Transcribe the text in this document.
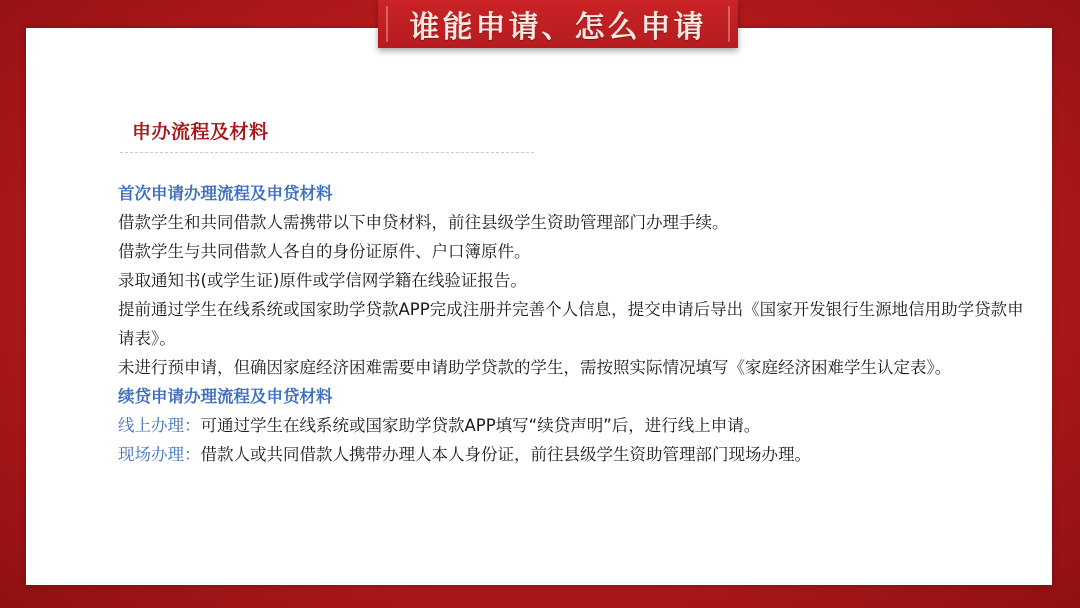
申办流程及材料

首次申请办理流程及申贷材料

借款学生和共同借款人需携带以下申贷材料，前往县级学生资助管理部门办理手续。

借款学生与共同借款人各自的身份证原件、户口簿原件。

录取通知书(或学生证)原件或学信网学籍在线验证报告。

提前通过学生在线系统或国家助学贷款APP完成注册并完善个人信息，提交申请后导出《国家开发银行生源地信用助学贷款申请表》。

未进行预申请，但确因家庭经济困难需要申请助学贷款的学生，需按照实际情况填写《家庭经济困难学生认定表》。

续贷申请办理流程及申贷材料

线上办理：可通过学生在线系统或国家助学贷款APP填写“续贷声明”后，进行线上申请。

现场办理：借款人或共同借款人携带办理人本人身份证，前往县级学生资助管理部门现场办理。

谁能申请、怎么申请
